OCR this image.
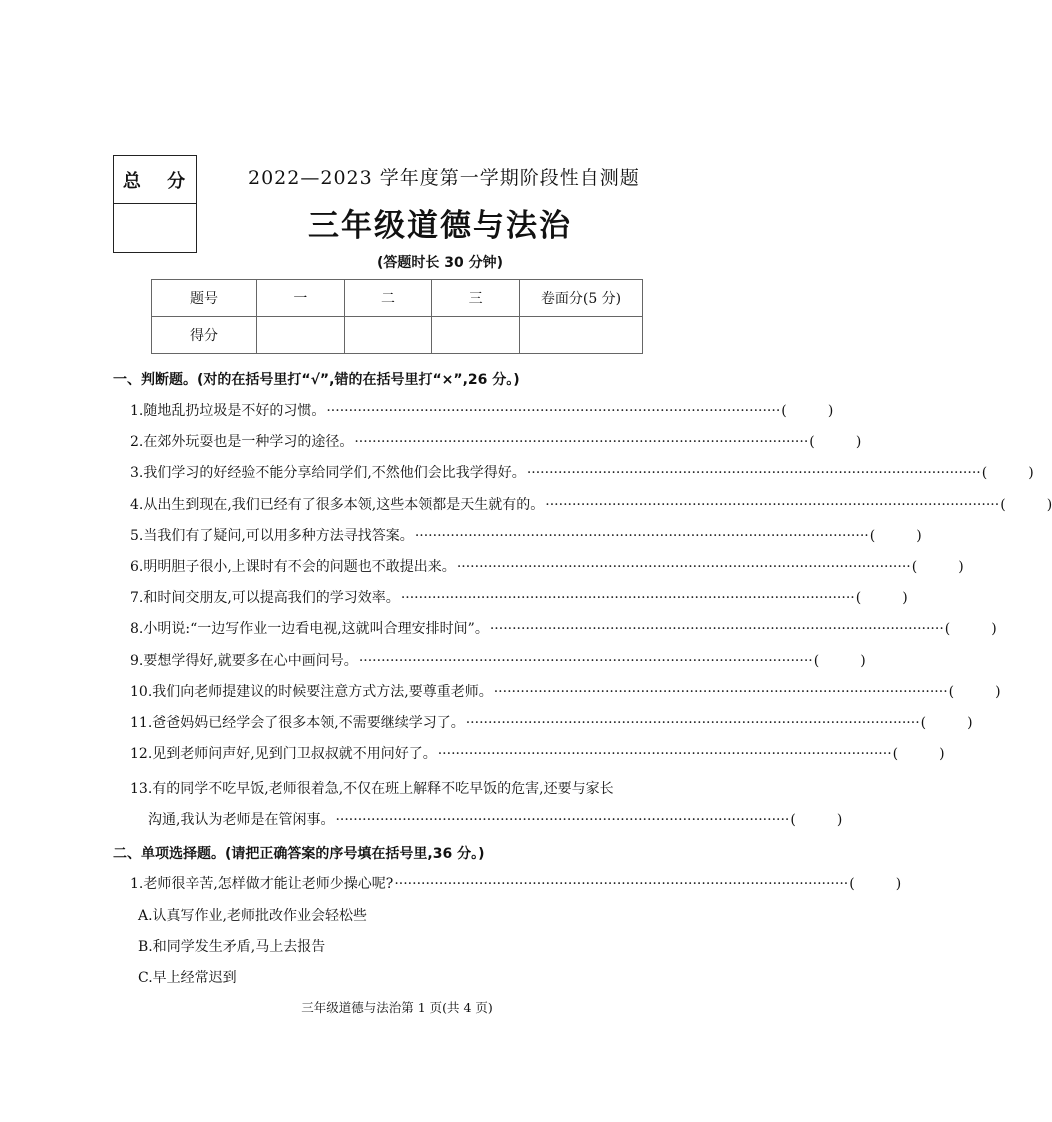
总 分	2022—2023 学年度第一学期阶段性自测题
三年级道德与法治
(答题时长 30 分钟)
题号	一	二	三	卷面分(5 分)
得分				
一、判断题。(对的在括号里打“√”,错的在括号里打“×”,26 分。)
1.随地乱扔垃圾是不好的习惯。 ······································································································ (	)
2.在郊外玩耍也是一种学习的途径。 ······································································································ (	)
3.我们学习的好经验不能分享给同学们,不然他们会比我学得好。 ······································································································ (	)
4.从出生到现在,我们已经有了很多本领,这些本领都是天生就有的。 ······································································································ (	)
5.当我们有了疑问,可以用多种方法寻找答案。 ······································································································ (	)
6.明明胆子很小,上课时有不会的问题也不敢提出来。 ······································································································ (	)
7.和时间交朋友,可以提高我们的学习效率。 ······································································································ (	)
8.小明说:“一边写作业一边看电视,这就叫合理安排时间”。 ······································································································ (	)
9.要想学得好,就要多在心中画问号。 ······································································································ (	)
10.我们向老师提建议的时候要注意方式方法,要尊重老师。 ······································································································ (	)
11.爸爸妈妈已经学会了很多本领,不需要继续学习了。 ······································································································ (	)
12.见到老师问声好,见到门卫叔叔就不用问好了。 ······································································································ (	)
13.有的同学不吃早饭,老师很着急,不仅在班上解释不吃早饭的危害,还要与家长
沟通,我认为老师是在管闲事。 ······································································································ (	)
二、单项选择题。(请把正确答案的序号填在括号里,36 分。)
1.老师很辛苦,怎样做才能让老师少操心呢? ······································································································ (	)
A.认真写作业,老师批改作业会轻松些
B.和同学发生矛盾,马上去报告
C.早上经常迟到
三年级道德与法治第 1 页(共 4 页)
